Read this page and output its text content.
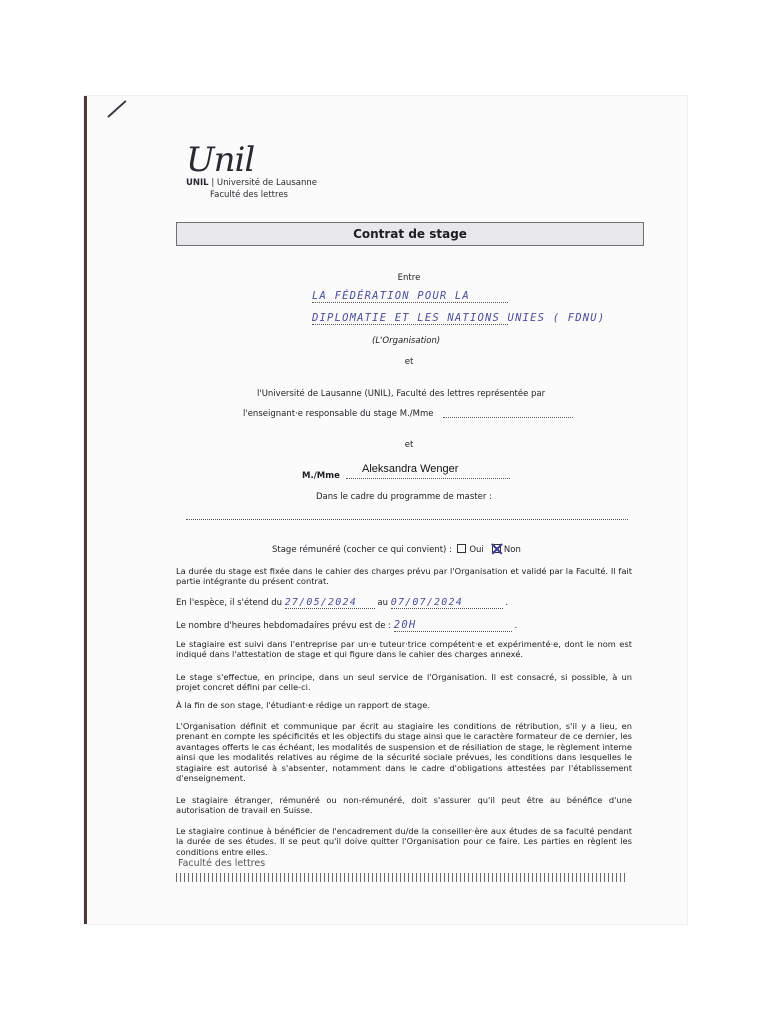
Unil
UNIL | Université de Lausanne
Faculté des lettres
Contrat de stage
Entre
LA FÉDÉRATION POUR LA
DIPLOMATIE ET LES NATIONS UNIES ( FDNU)
(L'Organisation)
et
l'Université de Lausanne (UNIL), Faculté des lettres représentée par
l'enseignant·e responsable du stage M./Mme
et
M./Mme
Aleksandra Wenger
Dans le cadre du programme de master :
Stage rémunéré (cocher ce qui convient) : Oui Non
La durée du stage est fixée dans le cahier des charges prévu par l'Organisation et validé par la Faculté. Il fait partie intégrante du présent contrat.
En l'espèce, il s'étend du 27/05/2024 au 07/07/2024	.
Le nombre d'heures hebdomadaires prévu est de : 20H	.
Le stagiaire est suivi dans l'entreprise par un·e tuteur·trice compétent·e et expérimenté·e, dont le nom est indiqué dans l'attestation de stage et qui figure dans le cahier des charges annexé.
Le stage s'effectue, en principe, dans un seul service de l'Organisation. Il est consacré, si possible, à un projet concret défini par celle-ci.
À la fin de son stage, l'étudiant·e rédige un rapport de stage.
L'Organisation définit et communique par écrit au stagiaire les conditions de rétribution, s'il y a lieu, en prenant en compte les spécificités et les objectifs du stage ainsi que le caractère formateur de ce dernier, les avantages offerts le cas échéant, les modalités de suspension et de résiliation de stage, le règlement interne ainsi que les modalités relatives au régime de la sécurité sociale prévues, les conditions dans lesquelles le stagiaire est autorisé à s'absenter, notamment dans le cadre d'obligations attestées par l'établissement d'enseignement.
Le stagiaire étranger, rémunéré ou non-rémunéré, doit s'assurer qu'il peut être au bénéfice d'une autorisation de travail en Suisse.
Le stagiaire continue à bénéficier de l'encadrement du/de la conseiller·ère aux études de sa faculté pendant la durée de ses études. Il se peut qu'il doive quitter l'Organisation pour ce faire. Les parties en règlent les conditions entre elles.
Faculté des lettres
